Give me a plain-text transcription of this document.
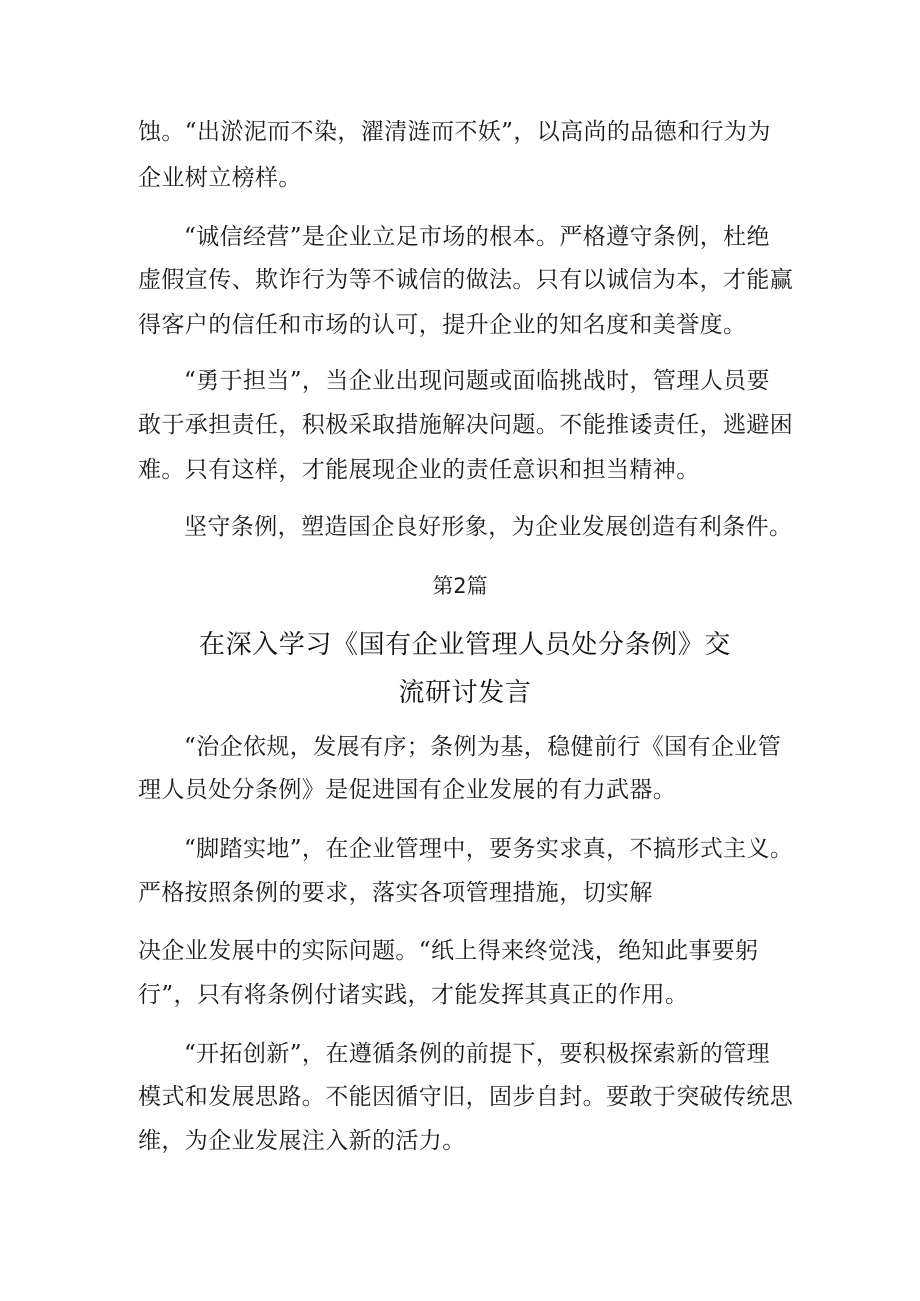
蚀。“出淤泥而不染，濯清涟而不妖”，以高尚的品德和行为为
企业树立榜样。
“诚信经营”是企业立足市场的根本。严格遵守条例，杜绝
虚假宣传、欺诈行为等不诚信的做法。只有以诚信为本，才能赢
得客户的信任和市场的认可，提升企业的知名度和美誉度。
“勇于担当”，当企业出现问题或面临挑战时，管理人员要
敢于承担责任，积极采取措施解决问题。不能推诿责任，逃避困
难。只有这样，才能展现企业的责任意识和担当精神。
坚守条例，塑造国企良好形象，为企业发展创造有利条件。
第2篇
在深入学习《国有企业管理人员处分条例》交
流研讨发言
“治企依规，发展有序；条例为基，稳健前行《国有企业管
理人员处分条例》是促进国有企业发展的有力武器。
“脚踏实地”，在企业管理中，要务实求真，不搞形式主义。
严格按照条例的要求，落实各项管理措施，切实解
决企业发展中的实际问题。“纸上得来终觉浅，绝知此事要躬
行”，只有将条例付诸实践，才能发挥其真正的作用。
“开拓创新”，在遵循条例的前提下，要积极探索新的管理
模式和发展思路。不能因循守旧，固步自封。要敢于突破传统思
维，为企业发展注入新的活力。
